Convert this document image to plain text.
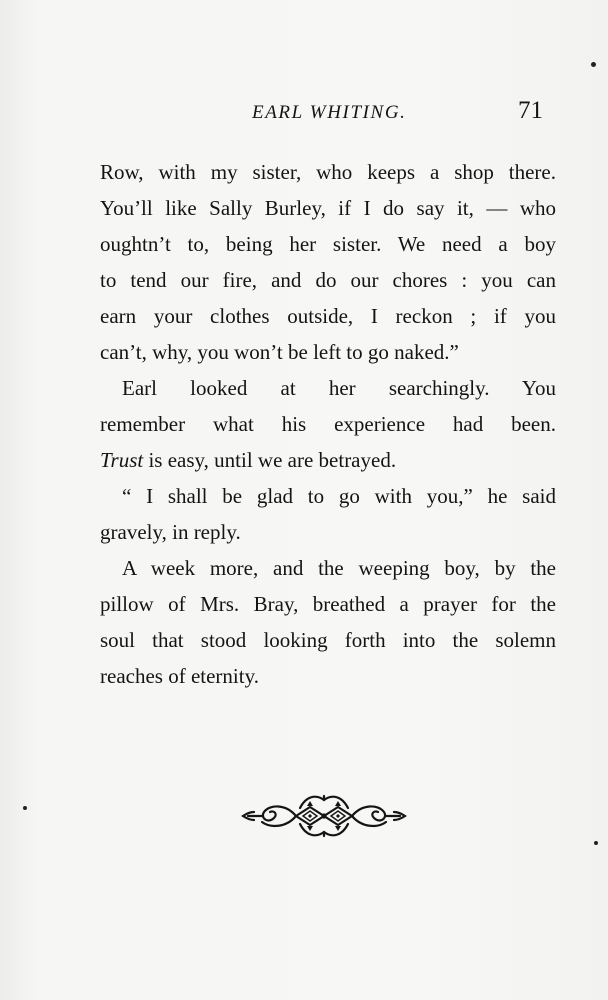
EARL WHITING.	71
Row, with my sister, who keeps a shop there.
You’ll like Sally Burley, if I do say it, — who
oughtn’t to, being her sister. We need a boy
to tend our fire, and do our chores : you can
earn your clothes outside, I reckon ; if you
can’t, why, you won’t be left to go naked.”
Earl looked at her searchingly. You
remember what his experience had been.
Trust is easy, until we are betrayed.
“ I shall be glad to go with you,” he said
gravely, in reply.
A week more, and the weeping boy, by the
pillow of Mrs. Bray, breathed a prayer for the
soul that stood looking forth into the solemn
reaches of eternity.
